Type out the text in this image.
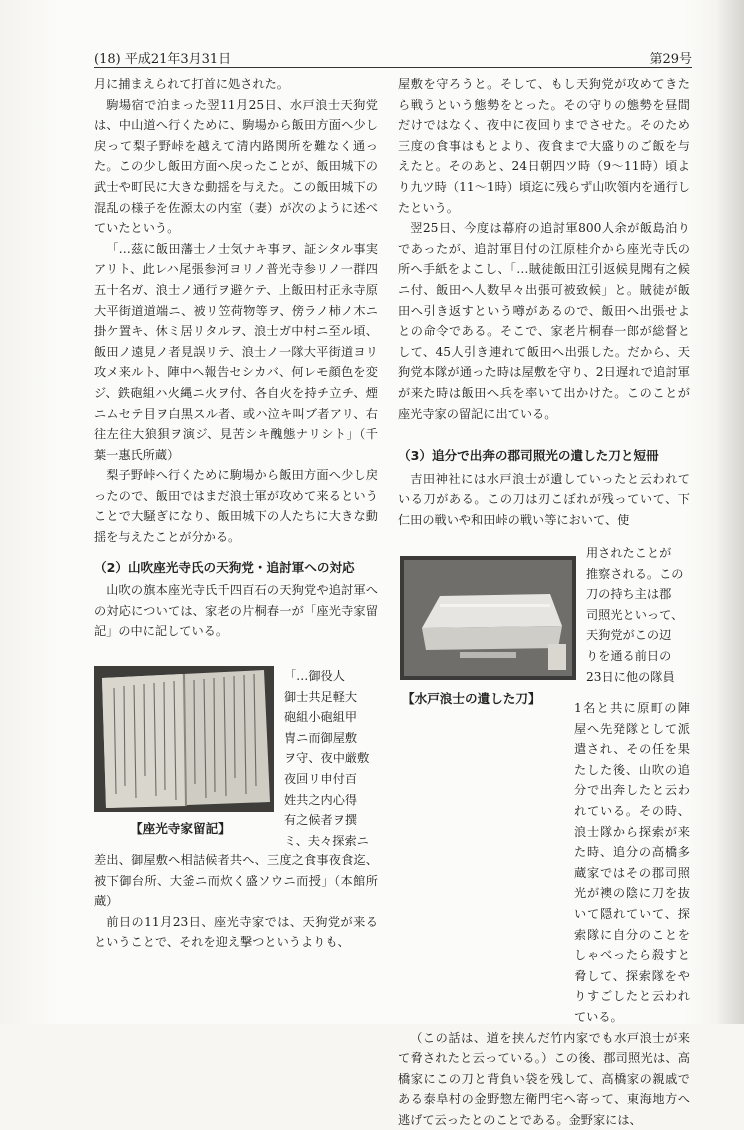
(18) 平成21年3月31日	第29号

月に捕まえられて打首に処された。

駒場宿で泊まった翌11月25日、水戸浪士天狗党は、中山道へ行くために、駒場から飯田方面へ少し戻って梨子野峠を越えて清内路関所を難なく通った。この少し飯田方面へ戻ったことが、飯田城下の武士や町民に大きな動揺を与えた。この飯田城下の混乱の様子を佐源太の内室（妻）が次のように述べていたという。

「…茲に飯田藩士ノ士気ナキ事ヲ、証シタル事実アリト、此レハ尾張参河ヨリノ普光寺参リノ一群四五十名ガ、浪士ノ通行ヲ避ケテ、上飯田村正永寺原大平街道道端ニ、被リ笠荷物等ヲ、傍ラノ柿ノ木ニ掛ケ置キ、休ミ居リタルヲ、浪士ガ中村ニ至ル頃、飯田ノ遠見ノ者見誤リテ、浪士ノ一隊大平街道ヨリ攻メ来ルト、陣中ヘ報告セシカバ、何レモ顔色を変ジ、鉄砲組ハ火縄ニ火ヲ付、各自火を持チ立チ、煙ニムセテ目ヲ白黒スル者、或ハ泣キ叫ブ者アリ、右往左往大狼狽ヲ演ジ、見苦シキ醜態ナリシト」（千葉一惠氏所蔵）

梨子野峠へ行くために駒場から飯田方面へ少し戻ったので、飯田ではまだ浪士軍が攻めて来るということで大騒ぎになり、飯田城下の人たちに大きな動揺を与えたことが分かる。

（2）山吹座光寺氏の天狗党・追討軍への対応

山吹の旗本座光寺氏千四百石の天狗党や追討軍への対応については、家老の片桐春一が「座光寺家留記」の中に記している。

【座光寺家留記】
「…御役人
御士共足軽大
砲組小砲組甲
冑ニ而御屋敷
ヲ守、夜中厳敷
夜回リ申付百
姓共之内心得
有之候者ヲ撰
ミ、夫々探索ニ

差出、御屋敷へ相詰候者共へ、三度之食事夜食迄、被下御台所、大釜ニ而炊く盛ソウニ而授」（本館所蔵）

前日の11月23日、座光寺家では、天狗党が来るということで、それを迎え撃つというよりも、

屋敷を守ろうと。そして、もし天狗党が攻めてきたら戦うという態勢をとった。その守りの態勢を昼間だけではなく、夜中に夜回りまでさせた。そのため三度の食事はもとより、夜食まで大盛りのご飯を与えたと。そのあと、24日朝四ツ時（9～11時）頃より九ツ時（11～1時）頃迄に残らず山吹領内を通行したという。

翌25日、今度は幕府の追討軍800人余が飯島泊りであったが、追討軍目付の江原桂介から座光寺氏の所へ手紙をよこし、「…賊徒飯田江引返候見聞有之候ニ付、飯田へ人数早々出張可被致候」と。賊徒が飯田へ引き返すという噂があるので、飯田へ出張せよとの命令である。そこで、家老片桐春一郎が総督として、45人引き連れて飯田へ出張した。だから、天狗党本隊が通った時は屋敷を守り、2日遅れで追討軍が来た時は飯田へ兵を率いて出かけた。このことが座光寺家の留記に出ている。

（3）追分で出奔の郡司照光の遺した刀と短冊

吉田神社には水戸浪士が遺していったと云われている刀がある。この刀は刃こぼれが残っていて、下仁田の戦いや和田峠の戦い等において、使

【水戸浪士の遺した刀】
用されたことが
推察される。この
刀の持ち主は郡
司照光といって、
天狗党がこの辺
りを通る前日の
23日に他の隊員

1名と共に原町の陣屋へ先発隊として派遣され、その任を果たした後、山吹の追分で出奔したと云われている。その時、浪士隊から探索が来た時、追分の高橋多蔵家ではその郡司照光が襖の陰に刀を抜いて隠れていて、探索隊に自分のことをしゃべったら殺すと脅して、探索隊をやりすごしたと云われている。

（この話は、道を挟んだ竹内家でも水戸浪士が来て脅されたと云っている。）この後、郡司照光は、高橋家にこの刀と背負い袋を残して、高橋家の親戚である泰阜村の金野惣左衛門宅へ寄って、東海地方へ逃げて云ったとのことである。金野家には、
